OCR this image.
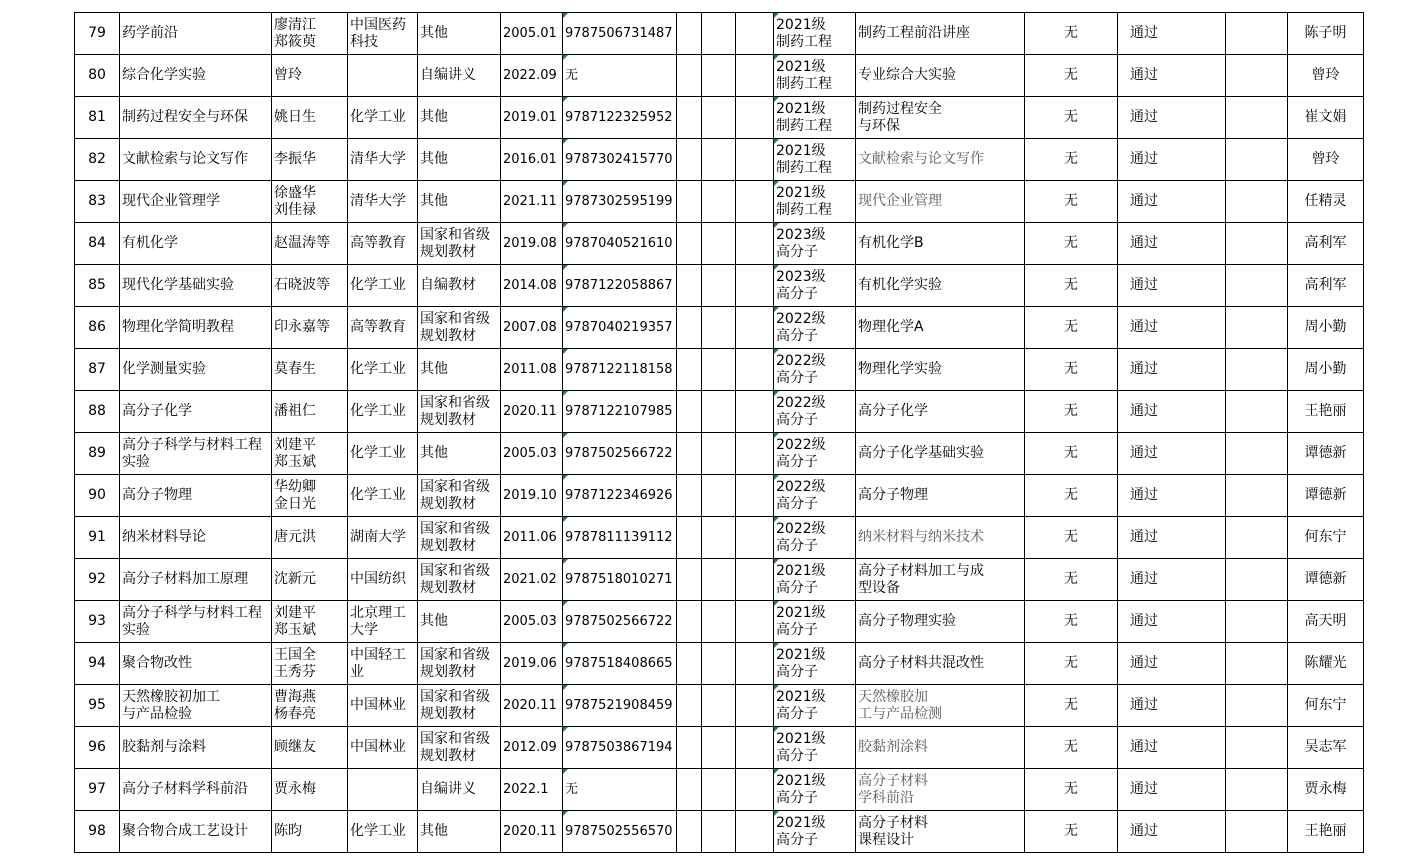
79	药学前沿	廖清江
郑筱萸	中国医药
科技	其他	2005.01	9787506731487				2021级
制药工程	制药工程前沿讲座	无	通过		陈子明
80	综合化学实验	曾玲		自编讲义	2022.09	无				2021级
制药工程	专业综合大实验	无	通过		曾玲
81	制药过程安全与环保	姚日生	化学工业	其他	2019.01	9787122325952				2021级
制药工程	制药过程安全
与环保	无	通过		崔文娟
82	文献检索与论文写作	李振华	清华大学	其他	2016.01	9787302415770				2021级
制药工程	文献检索与论文写作	无	通过		曾玲
83	现代企业管理学	徐盛华
刘佳禄	清华大学	其他	2021.11	9787302595199				2021级
制药工程	现代企业管理	无	通过		任精灵
84	有机化学	赵温涛等	高等教育	国家和省级
规划教材	2019.08	9787040521610				2023级
高分子	有机化学B	无	通过		高利军
85	现代化学基础实验	石晓波等	化学工业	自编教材	2014.08	9787122058867				2023级
高分子	有机化学实验	无	通过		高利军
86	物理化学简明教程	印永嘉等	高等教育	国家和省级
规划教材	2007.08	9787040219357				2022级
高分子	物理化学A	无	通过		周小勤
87	化学测量实验	莫春生	化学工业	其他	2011.08	9787122118158				2022级
高分子	物理化学实验	无	通过		周小勤
88	高分子化学	潘祖仁	化学工业	国家和省级
规划教材	2020.11	9787122107985				2022级
高分子	高分子化学	无	通过		王艳丽
89	高分子科学与材料工程
实验	刘建平
郑玉斌	化学工业	其他	2005.03	9787502566722				2022级
高分子	高分子化学基础实验	无	通过		谭德新
90	高分子物理	华幼卿
金日光	化学工业	国家和省级
规划教材	2019.10	9787122346926				2022级
高分子	高分子物理	无	通过		谭德新
91	纳米材料导论	唐元洪	湖南大学	国家和省级
规划教材	2011.06	9787811139112				2022级
高分子	纳米材料与纳米技术	无	通过		何东宁
92	高分子材料加工原理	沈新元	中国纺织	国家和省级
规划教材	2021.02	9787518010271				2021级
高分子	高分子材料加工与成
型设备	无	通过		谭德新
93	高分子科学与材料工程
实验	刘建平
郑玉斌	北京理工
大学	其他	2005.03	9787502566722				2021级
高分子	高分子物理实验	无	通过		高天明
94	聚合物改性	王国全
王秀芬	中国轻工
业	国家和省级
规划教材	2019.06	9787518408665				2021级
高分子	高分子材料共混改性	无	通过		陈耀光
95	天然橡胶初加工
与产品检验	曹海燕
杨春亮	中国林业	国家和省级
规划教材	2020.11	9787521908459				2021级
高分子	天然橡胶加
工与产品检测	无	通过		何东宁
96	胶黏剂与涂料	顾继友	中国林业	国家和省级
规划教材	2012.09	9787503867194				2021级
高分子	胶黏剂涂料	无	通过		吴志军
97	高分子材料学科前沿	贾永梅		自编讲义	2022.1	无				2021级
高分子	高分子材料
学科前沿	无	通过		贾永梅
98	聚合物合成工艺设计	陈昀	化学工业	其他	2020.11	9787502556570				2021级
高分子	高分子材料
课程设计	无	通过		王艳丽
